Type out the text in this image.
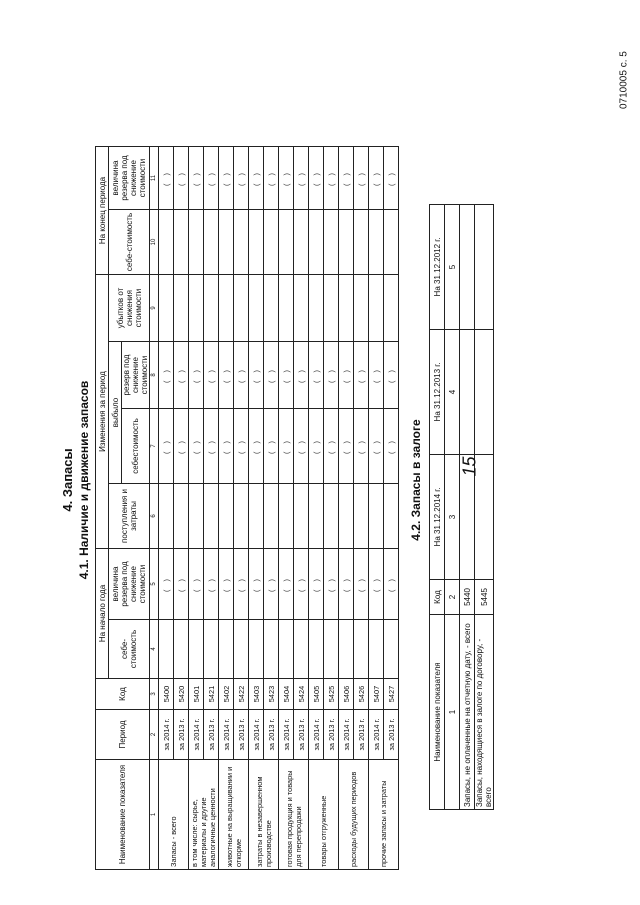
0710005 с. 5
4. Запасы 4.1. Наличие и движение запасов
Наименование показателя	Период	Код	На начало года		Изменения за период				На конец периода	
			себе-стоимость	величина резерва под снижение стоимости	поступления и затраты	выбыло		убытков от снижения стоимости	себе-стоимость	величина резерва под снижение стоимости
						себестоимость	резерв под снижение стоимости			
1	2	3	4	5	6	7	8	9	10	11
Запасы - всего	за 2014 г.	5400		( )		( )	( )			( )
	за 2013 г.	5420		( )		( )	( )			( )
в том числе: сырье, материалы и другие аналогичные ценности	за 2014 г.	5401		( )		( )	( )			( )
	за 2013 г.	5421		( )		( )	( )			( )
животные на выращивании и откорме	за 2014 г.	5402		( )		( )	( )			( )
	за 2013 г.	5422		( )		( )	( )			( )
затраты в незавершенном производстве	за 2014 г.	5403		( )		( )	( )			( )
	за 2013 г.	5423		( )		( )	( )			( )
готовая продукция и товары для перепродажи	за 2014 г.	5404		( )		( )	( )			( )
	за 2013 г.	5424		( )		( )	( )			( )
товары отгруженные	за 2014 г.	5405		( )		( )	( )			( )
	за 2013 г.	5425		( )		( )	( )			( )
расходы будущих периодов	за 2014 г.	5406		( )		( )	( )			( )
	за 2013 г.	5426		( )		( )	( )			( )
прочие запасы и затраты	за 2014 г.	5407		( )		( )	( )			( )
	за 2013 г.	5427		( )		( )	( )			( )
4.2. Запасы в залоге
Наименование показателя	Код	На 31.12.2014 г.	На 31.12.2013 г.	На 31.12.2012 г.
1	2	3	4	5
Запасы, не оплаченные на отчетную дату, - всего	5440			
Запасы, находящиеся в залоге по договору, - всего	5445			
15
